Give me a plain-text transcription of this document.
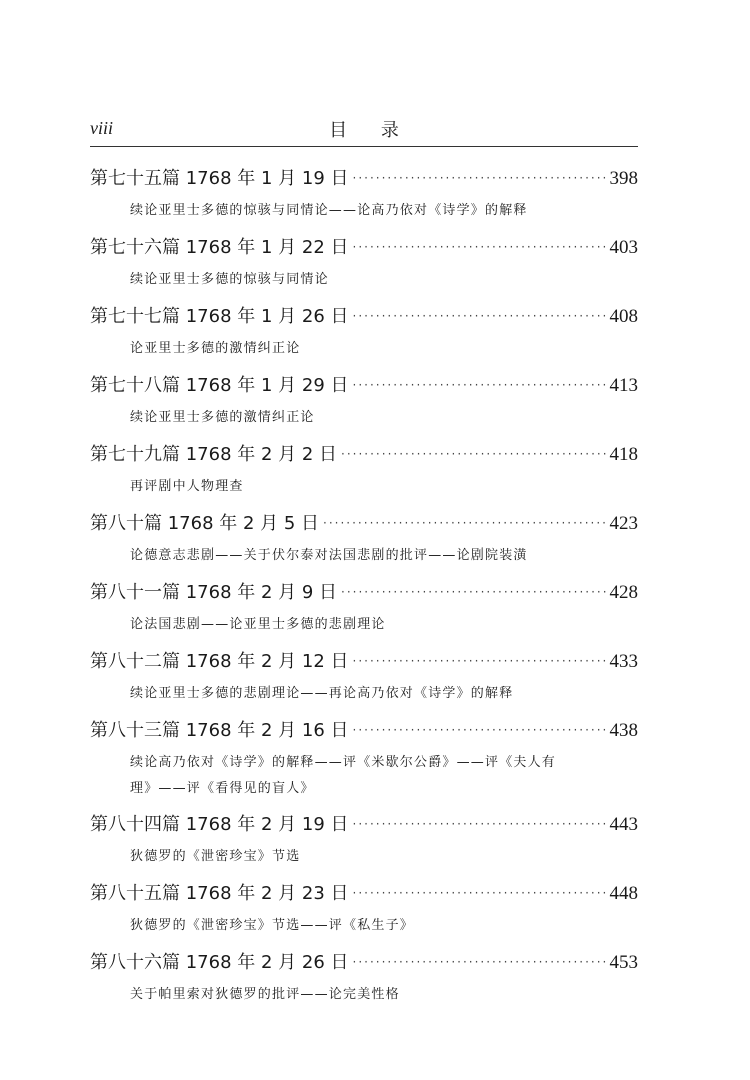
viii	目 录
第七十五篇 1768 年 1 月 19 日 ·····	398
续论亚里士多德的惊骇与同情论——论高乃依对《诗学》的解释
第七十六篇 1768 年 1 月 22 日 ·····	403
续论亚里士多德的惊骇与同情论
第七十七篇 1768 年 1 月 26 日 ·····	408
论亚里士多德的激情纠正论
第七十八篇 1768 年 1 月 29 日 ·····	413
续论亚里士多德的激情纠正论
第七十九篇 1768 年 2 月 2 日 ·····	418
再评剧中人物理查
第八十篇 1768 年 2 月 5 日 ·····	423
论德意志悲剧——关于伏尔泰对法国悲剧的批评——论剧院装潢
第八十一篇 1768 年 2 月 9 日 ·····	428
论法国悲剧——论亚里士多德的悲剧理论
第八十二篇 1768 年 2 月 12 日 ·····	433
续论亚里士多德的悲剧理论——再论高乃依对《诗学》的解释
第八十三篇 1768 年 2 月 16 日 ·····	438
续论高乃依对《诗学》的解释——评《米歇尔公爵》——评《夫人有
理》——评《看得见的盲人》
第八十四篇 1768 年 2 月 19 日 ·····	443
狄德罗的《泄密珍宝》节选
第八十五篇 1768 年 2 月 23 日 ·····	448
狄德罗的《泄密珍宝》节选——评《私生子》
第八十六篇 1768 年 2 月 26 日 ·····	453
关于帕里索对狄德罗的批评——论完美性格
